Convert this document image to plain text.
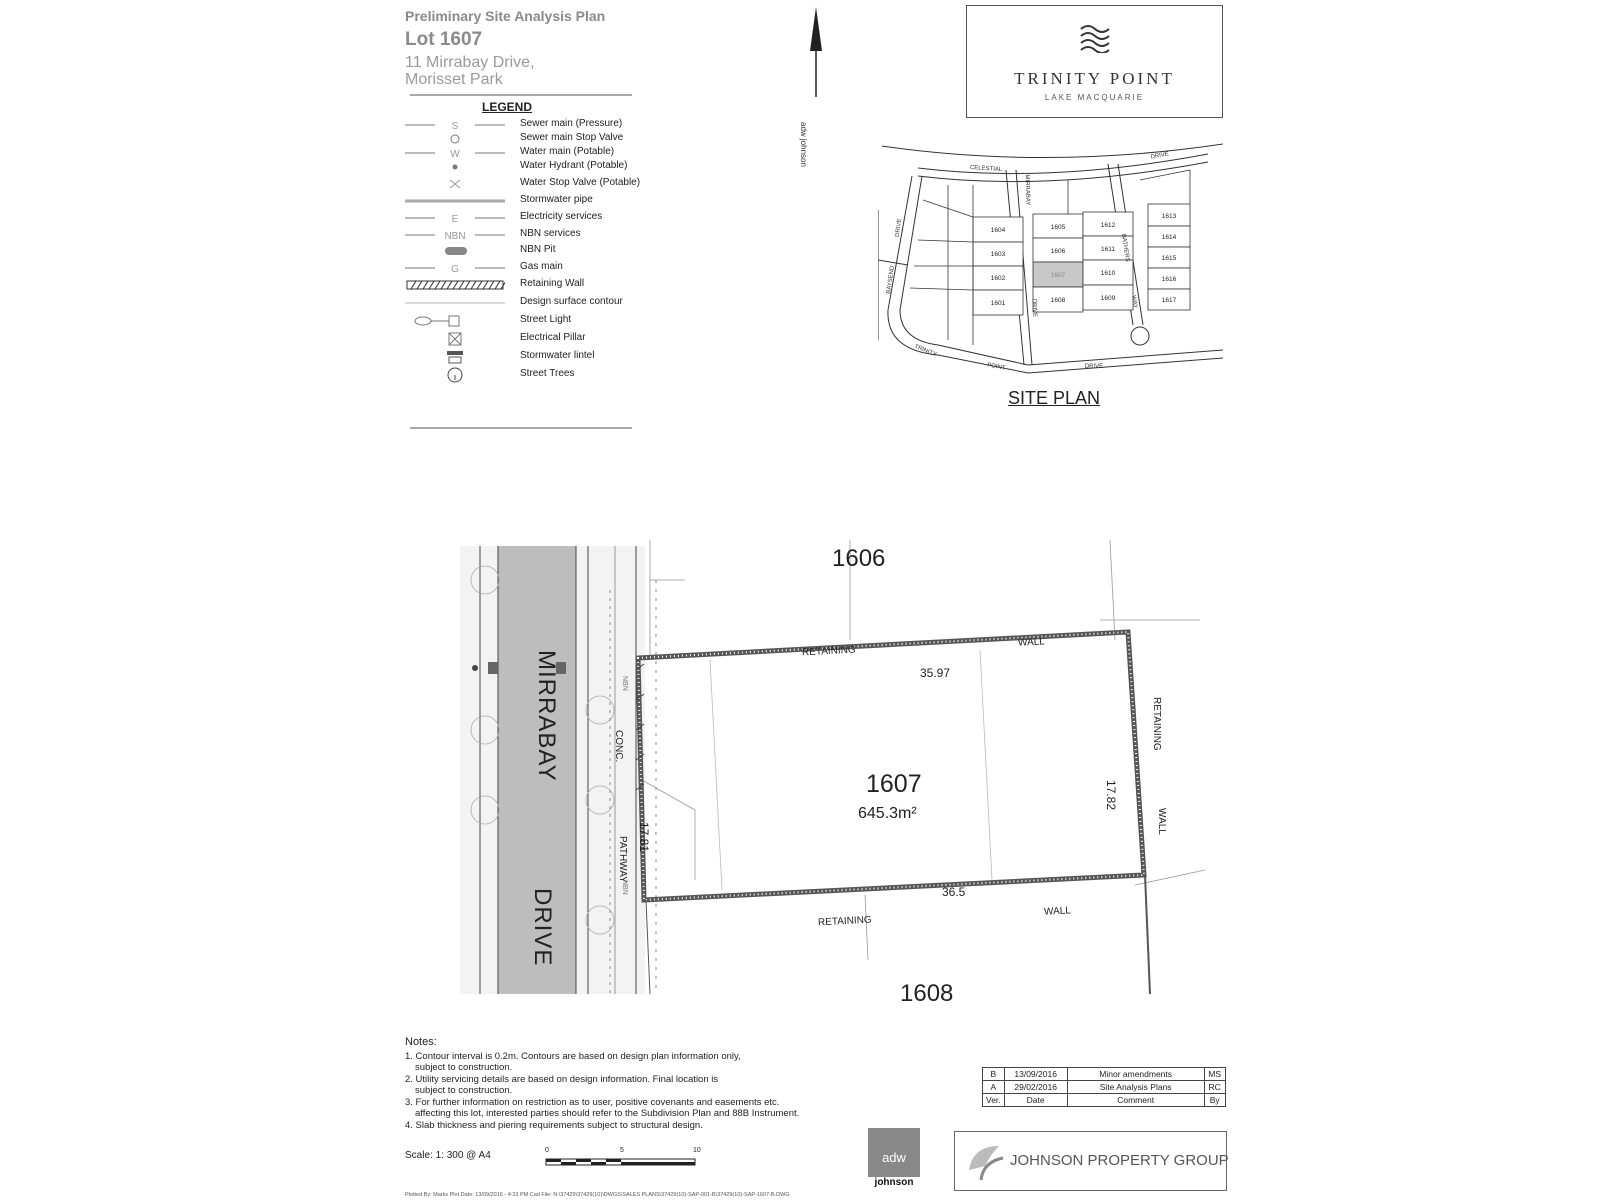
Preliminary Site Analysis Plan
Lot 1607
11 Mirrabay Drive,
Morisset Park
LEGEND
S	Sewer main (Pressure)
Sewer main Stop Valve
W	Water main (Potable)
Water Hydrant (Potable)
Water Stop Valve (Potable)
Stormwater pipe
E	Electricity services
NBN	NBN services
NBN Pit
G	Gas main
Retaining Wall
Design surface contour
Street Light
Electrical Pillar
Stormwater lintel
Street Trees
adw johnson
TRINITY POINT
LAKE MACQUARIE
1604
1603
1602
1601
1605
1606
1607
1608
1612
1611
1610
1609
1613
1614
1615
1616
1617
CELESTIAL
DRIVE
MIRRABAY
DRIVE
BAYSEND
DRIVE
BATHERS
WAY
TRINITY
POINT	DRIVE
SITE PLAN
1606
1608
1607
645.3m²
35.97
36.5
17.81
17.82
RETAINING
WALL
RETAINING
WALL
RETAINING
WALL
MIRRABAY
DRIVE
CONC.
PATHWAY
NBN
NBN
Notes:
1. Contour interval is 0.2m. Contours are based on design plan information only,
subject to construction.
2. Utility servicing details are based on design information. Final location is
subject to construction.
3. For further information on restriction as to user, positive covenants and easements etc.
affecting this lot, interested parties should refer to the Subdivision Plan and 88B Instrument.
4. Slab thickness and piering requirements subject to structural design.
Scale: 1: 300 @ A4	0	5	10	adw
johnson
B	13/09/2016	Minor amendments	MS
A	29/02/2016	Site Analysis Plans	RC
Ver.	Date	Comment	By
JOHNSON PROPERTY GROUP
Plotted By: Marks Plot Date: 13/09/2016 - 4:33 PM Cad File: N:\37429\37429(10)\DWGS\SALES PLANS\37429(10)-SAP-001-B\37429(10)-SAP-1607-B.DWG
